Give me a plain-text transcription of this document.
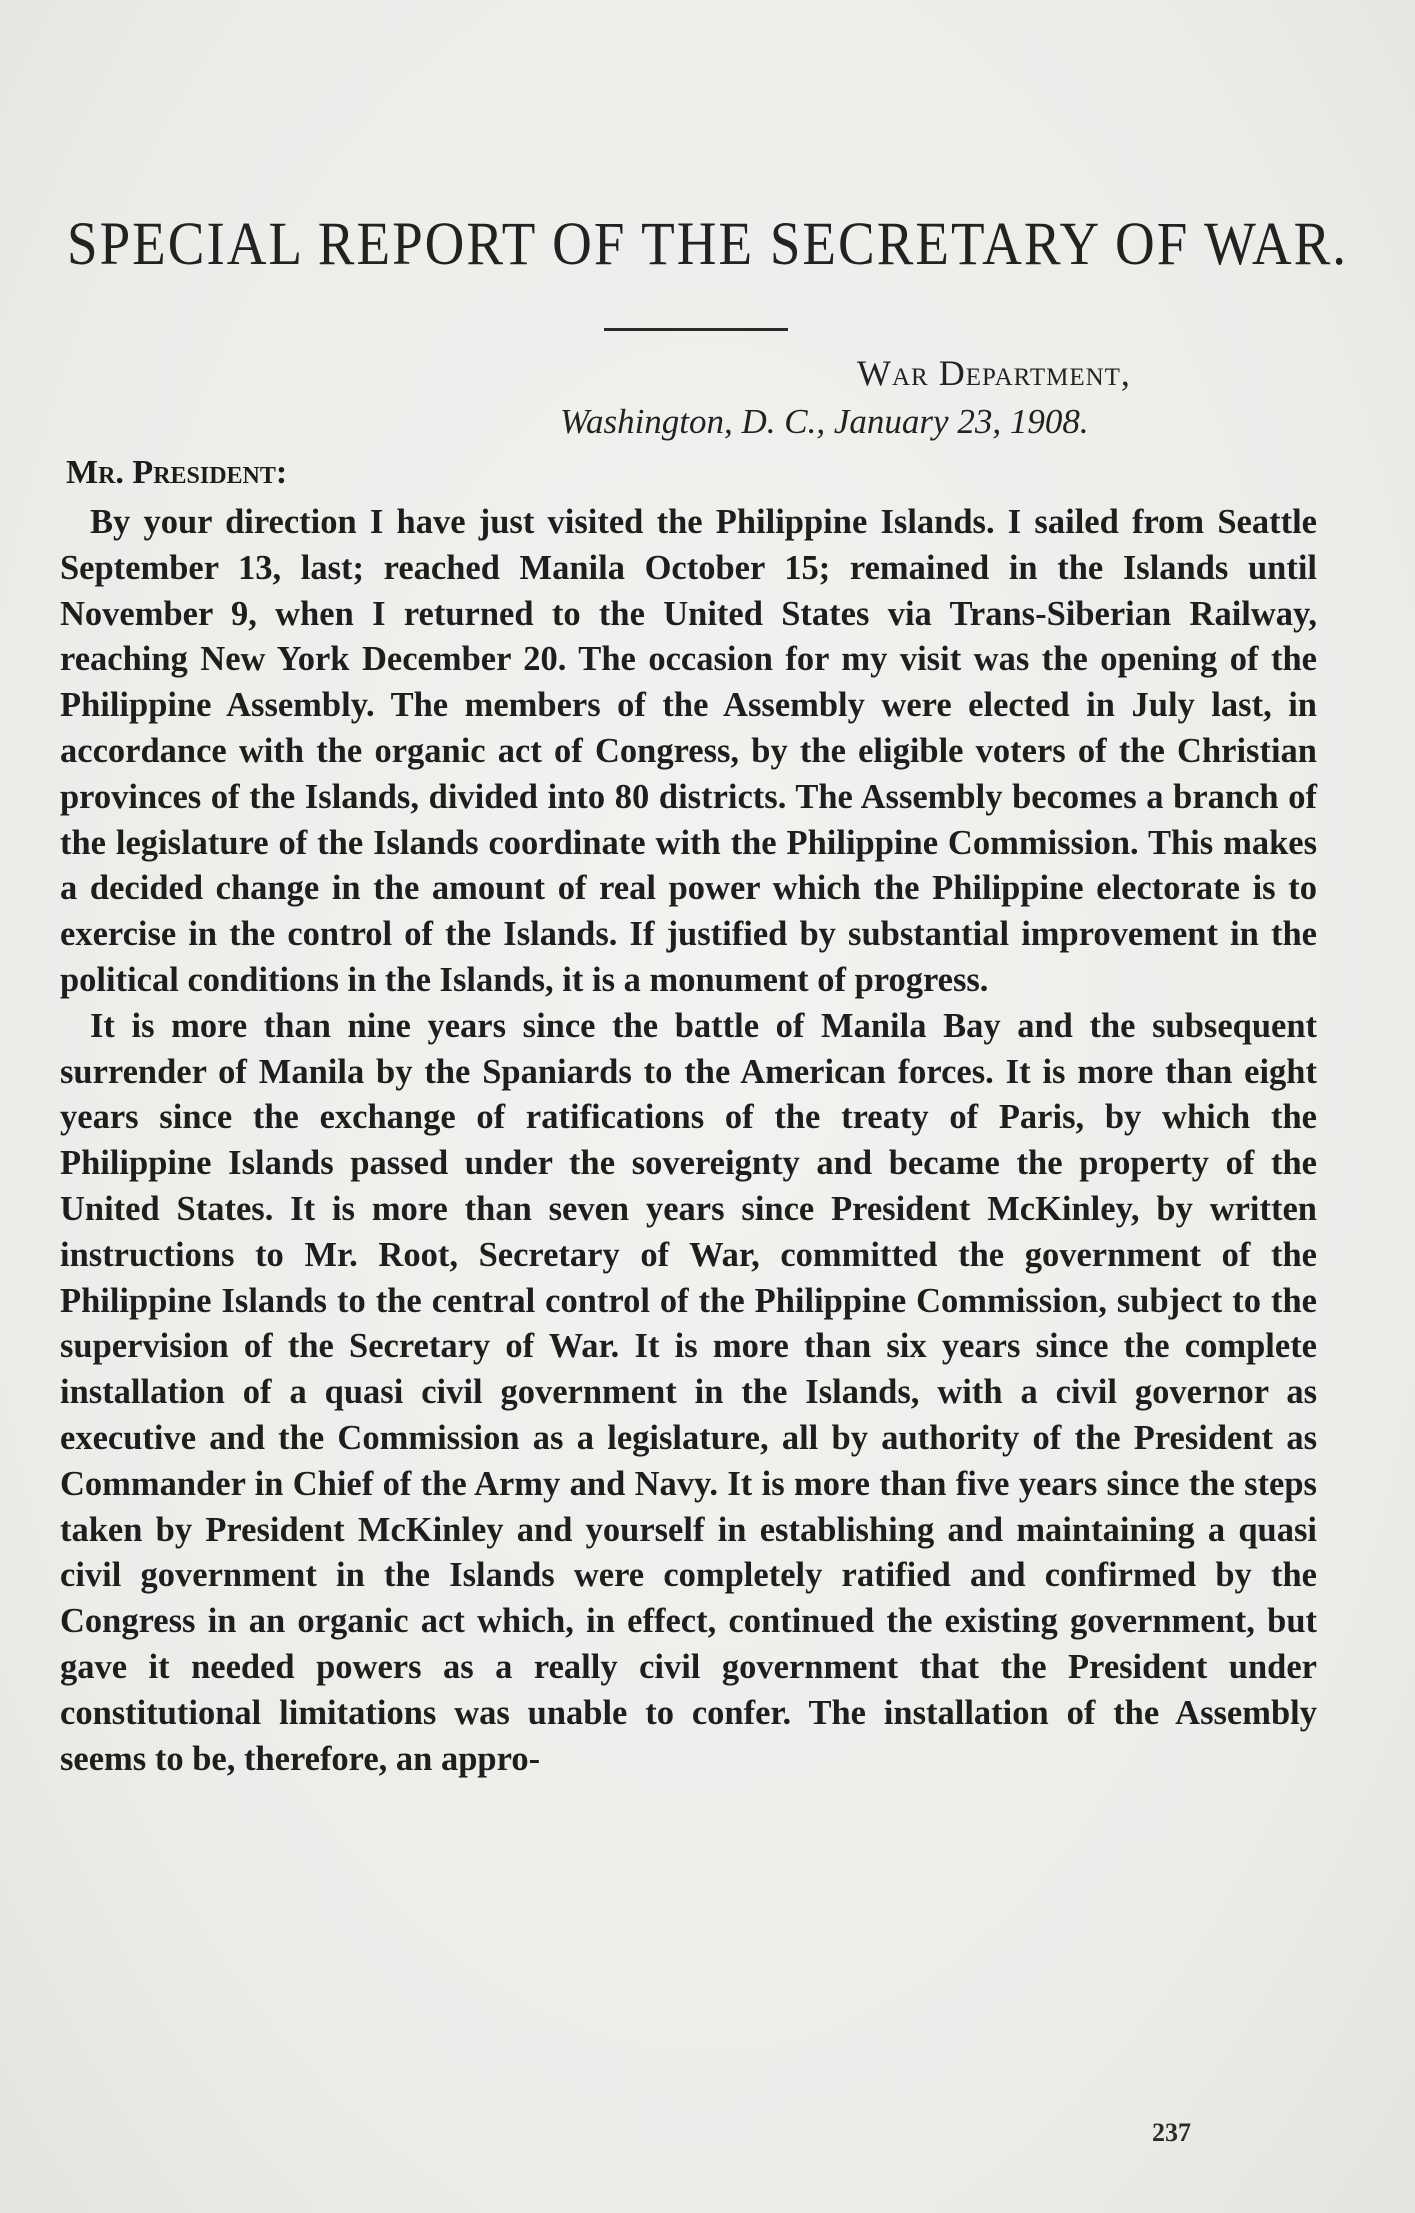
SPECIAL REPORT OF THE SECRETARY OF WAR.
War Department,
Washington, D. C., January 23, 1908.
Mr. President:

By your direction I have just visited the Philippine Islands. I sailed from Seattle September 13, last; reached Manila October 15; remained in the Islands until November 9, when I returned to the United States via Trans-Siberian Railway, reaching New York December 20. The occasion for my visit was the opening of the Philippine Assembly. The members of the Assembly were elected in July last, in accordance with the organic act of Congress, by the eligible voters of the Christian provinces of the Islands, divided into 80 districts. The Assembly becomes a branch of the legislature of the Islands coordinate with the Philippine Commission. This makes a decided change in the amount of real power which the Philippine electorate is to exercise in the control of the Islands. If justified by substantial improvement in the political conditions in the Islands, it is a monument of progress.

It is more than nine years since the battle of Manila Bay and the subsequent surrender of Manila by the Spaniards to the American forces. It is more than eight years since the exchange of ratifications of the treaty of Paris, by which the Philippine Islands passed under the sovereignty and became the property of the United States. It is more than seven years since President McKinley, by written instructions to Mr. Root, Secretary of War, committed the government of the Philippine Islands to the central control of the Philippine Commission, subject to the supervision of the Secretary of War. It is more than six years since the complete installation of a quasi civil government in the Islands, with a civil governor as executive and the Commission as a legislature, all by authority of the President as Commander in Chief of the Army and Navy. It is more than five years since the steps taken by President McKinley and yourself in establishing and maintaining a quasi civil government in the Islands were completely ratified and confirmed by the Congress in an organic act which, in effect, continued the existing government, but gave it needed powers as a really civil government that the President under constitutional limitations was unable to confer. The installation of the Assembly seems to be, therefore, an appro-

237
